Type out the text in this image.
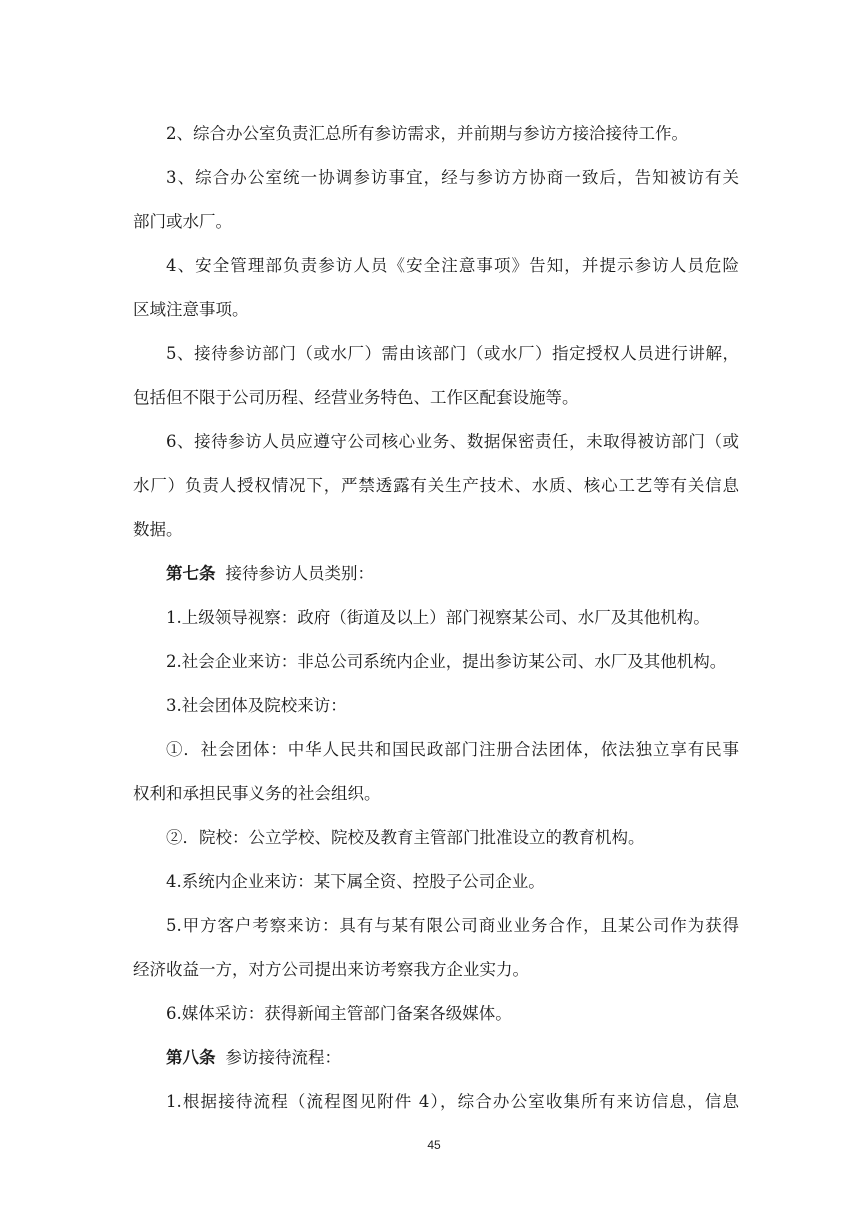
2、综合办公室负责汇总所有参访需求，并前期与参访方接洽接待工作。
3、综合办公室统一协调参访事宜，经与参访方协商一致后，告知被访有关
部门或水厂。
4、安全管理部负责参访人员《安全注意事项》告知，并提示参访人员危险
区域注意事项。
5、接待参访部门（或水厂）需由该部门（或水厂）指定授权人员进行讲解，
包括但不限于公司历程、经营业务特色、工作区配套设施等。
6、接待参访人员应遵守公司核心业务、数据保密责任，未取得被访部门（或
水厂）负责人授权情况下，严禁透露有关生产技术、水质、核心工艺等有关信息
数据。
第七条 接待参访人员类别：
1.上级领导视察：政府（街道及以上）部门视察某公司、水厂及其他机构。
2.社会企业来访：非总公司系统内企业，提出参访某公司、水厂及其他机构。
3.社会团体及院校来访：
①．社会团体：中华人民共和国民政部门注册合法团体，依法独立享有民事
权利和承担民事义务的社会组织。
②．院校：公立学校、院校及教育主管部门批准设立的教育机构。
4.系统内企业来访：某下属全资、控股子公司企业。
5.甲方客户考察来访：具有与某有限公司商业业务合作，且某公司作为获得
经济收益一方，对方公司提出来访考察我方企业实力。
6.媒体采访：获得新闻主管部门备案各级媒体。
第八条 参访接待流程：
1.根据接待流程（流程图见附件 4），综合办公室收集所有来访信息，信息
45
